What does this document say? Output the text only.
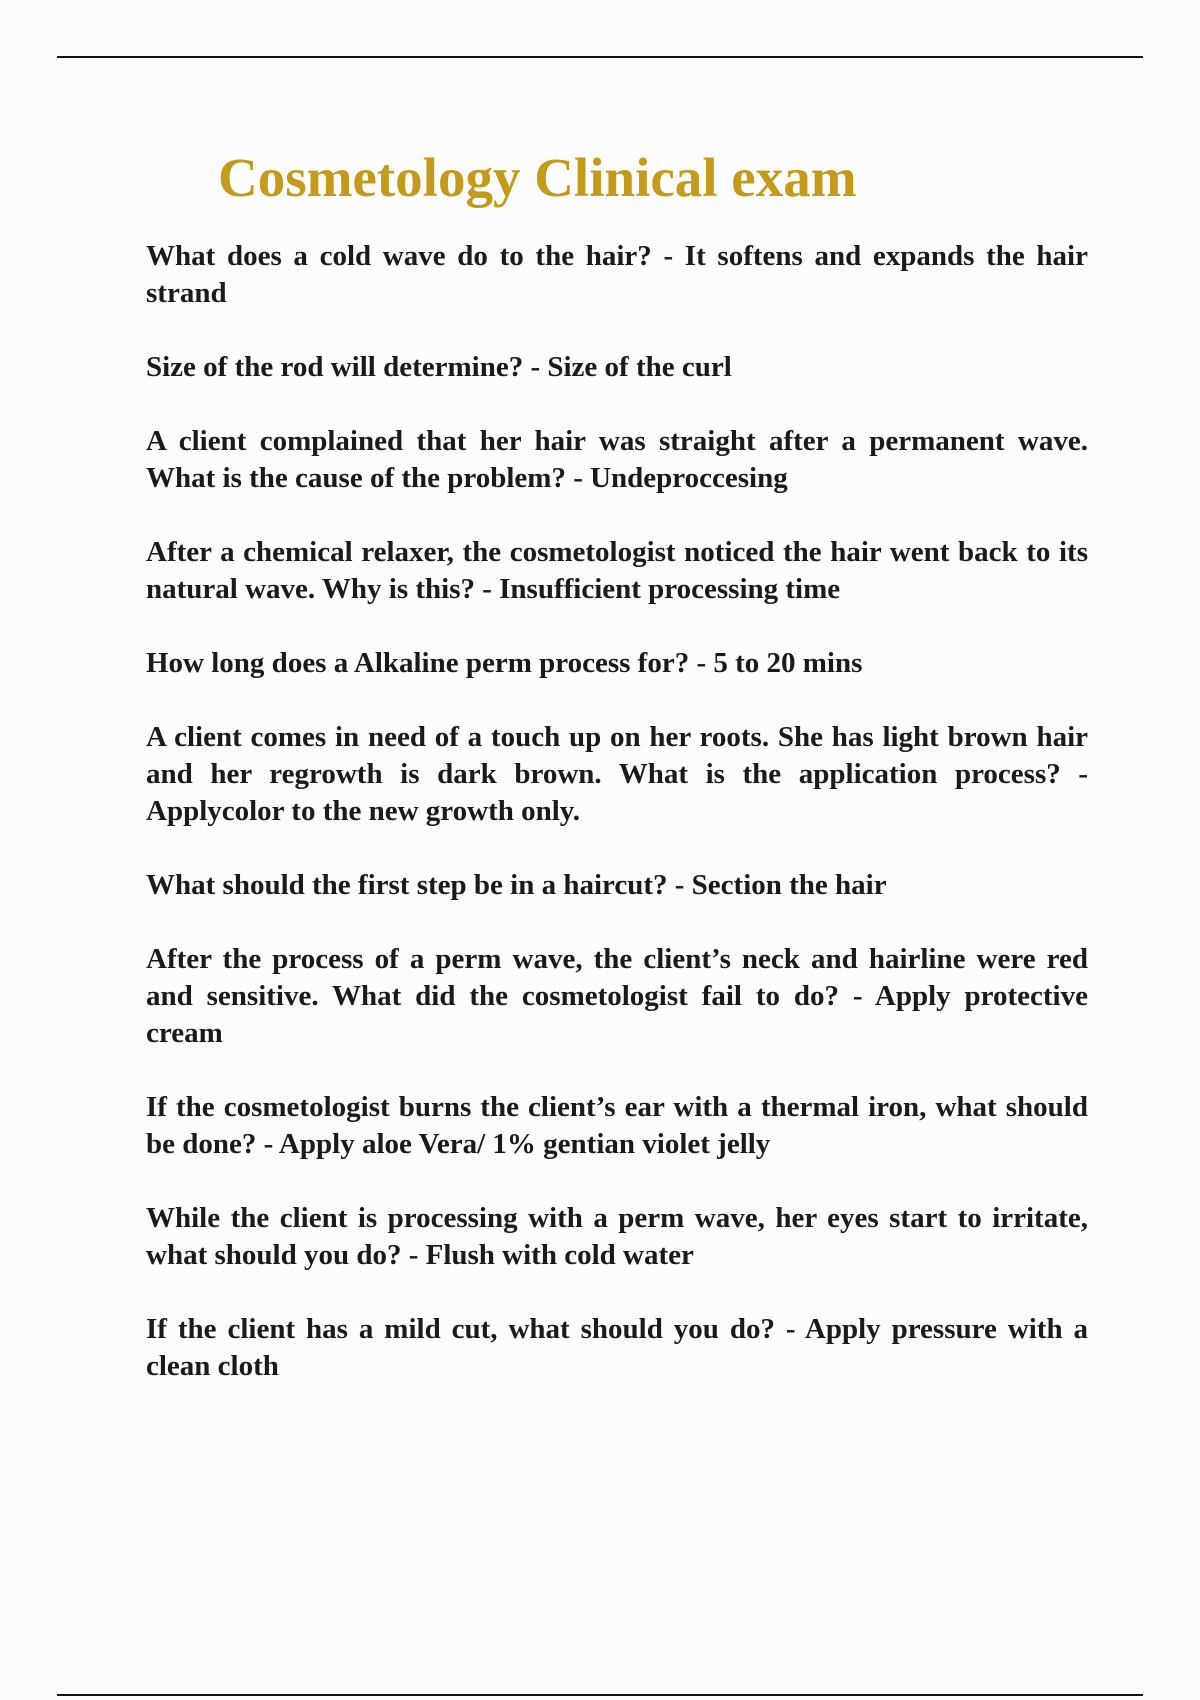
Cosmetology Clinical exam
What does a cold wave do to the hair? - It softens and expands the hair strand
Size of the rod will determine? - Size of the curl
A client complained that her hair was straight after a permanent wave. What is the cause of the problem? - Undeproccesing
After a chemical relaxer, the cosmetologist noticed the hair went back to its natural wave. Why is this? - Insufficient processing time
How long does a Alkaline perm process for? - 5 to 20 mins
A client comes in need of a touch up on her roots. She has light brown hair and her regrowth is dark brown. What is the application process? - Applycolor to the new growth only.
What should the first step be in a haircut? - Section the hair
After the process of a perm wave, the client’s neck and hairline were red and sensitive. What did the cosmetologist fail to do? - Apply protective cream
If the cosmetologist burns the client’s ear with a thermal iron, what should be done? - Apply aloe Vera/ 1% gentian violet jelly
While the client is processing with a perm wave, her eyes start to irritate, what should you do? - Flush with cold water
If the client has a mild cut, what should you do? - Apply pressure with a clean cloth
